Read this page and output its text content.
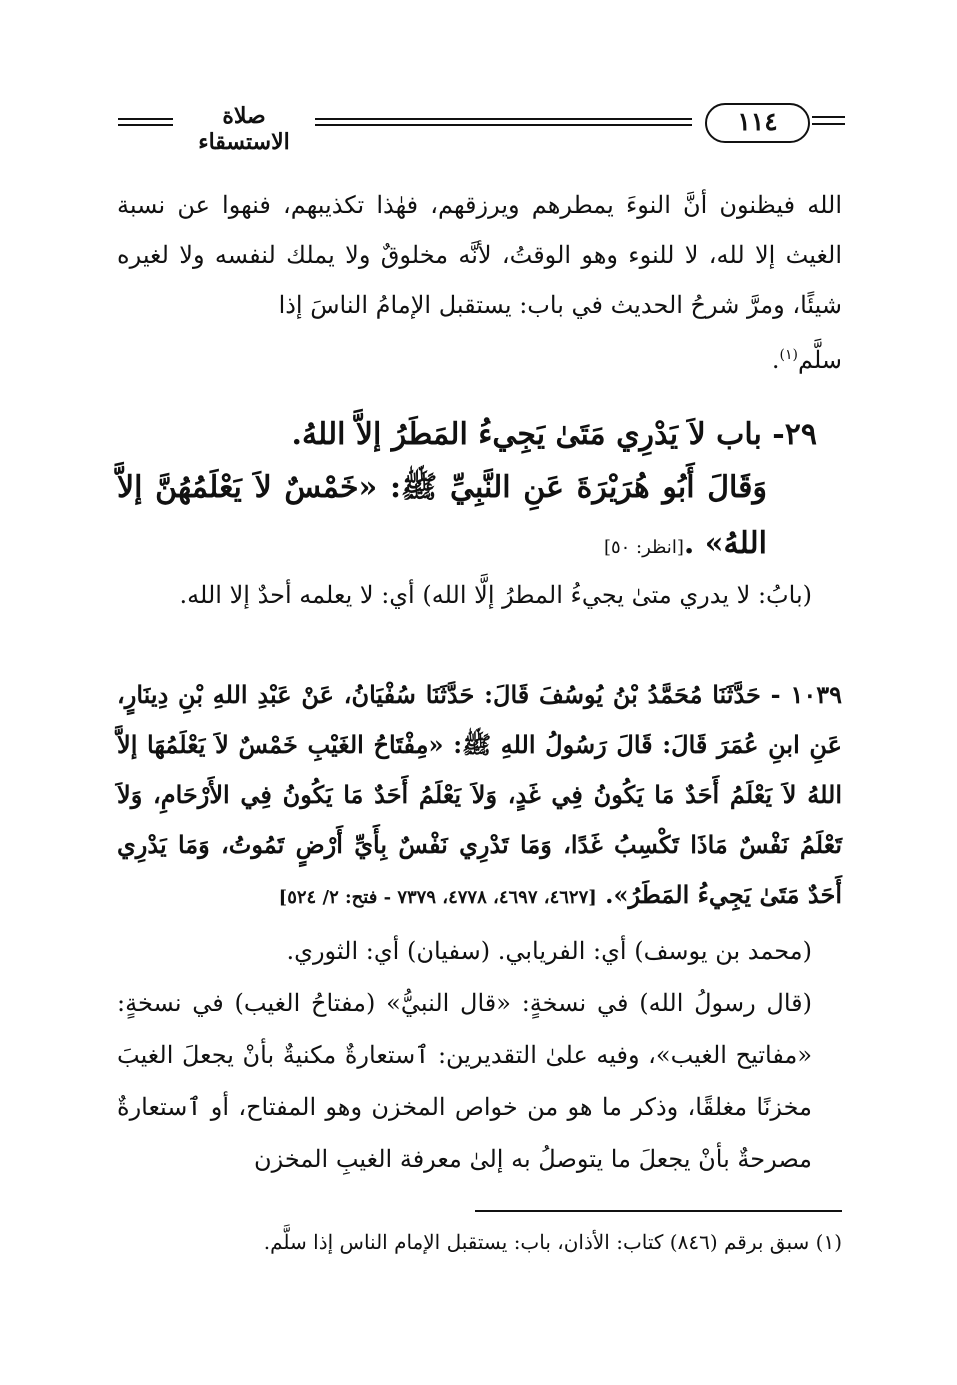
صلاة الاستسقاء
١١٤
الله فيظنون أنَّ النوءَ يمطرهم ويرزقهم، فهٰذا تكذيبهم، فنهوا عن نسبة الغيث إلا لله، لا للنوء وهو الوقتُ، لأنَّه مخلوقٌ ولا يملك لنفسه ولا لغيره شيئًا، ومرَّ شرحُ الحديث في باب: يستقبل الإمامُ الناسَ إذا
سلَّم$^{(١)}$.
٢٩- باب لاَ يَدْرِي مَتَىٰ يَجِيءُ المَطَرُ إلاَّ اللهُ.
وَقَالَ أَبُو هُرَيْرَةَ عَنِ النَّبِيِّ ﷺ: «خَمْسٌ لاَ يَعْلَمُهُنَّ إلاَّ اللهُ» .[انظر: ٥٠]
(بابُ: لا يدري متىٰ يجيءُ المطرُ إلَّا الله) أي: لا يعلمه أحدٌ إلا الله.
١٠٣٩ - حَدَّثَنَا مُحَمَّدُ بْنُ يُوسُفَ قَالَ: حَدَّثَنَا سُفْيَانُ، عَنْ عَبْدِ اللهِ بْنِ دِينَارٍ، عَنِ ابنِ عُمَرَ قَالَ: قَالَ رَسُولُ اللهِ ﷺ: «مِفْتَاحُ الغَيْبِ خَمْسٌ لاَ يَعْلَمُهَا إلاَّ اللهُ لاَ يَعْلَمُ أَحَدٌ مَا يَكُونُ فِي غَدٍ، وَلاَ يَعْلَمُ أَحَدٌ مَا يَكُونُ فِي الأَرْحَامِ، وَلاَ تَعْلَمُ نَفْسٌ مَاذَا تَكْسِبُ غَدًا، وَمَا تَدْرِي نَفْسٌ بِأَيِّ أَرْضٍ تَمُوتُ، وَمَا يَدْرِي أَحَدٌ مَتَىٰ يَجِيءُ المَطَرُ». [٤٦٢٧، ٤٦٩٧، ٤٧٧٨، ٧٣٧٩ - فتح: ٢/ ٥٢٤]

(محمد بن يوسف) أي: الفريابي. (سفيان) أي: الثوري.

(قال رسولُ الله) في نسخةٍ: «قال النبيُّ» (مفتاحُ الغيب) في نسخةٍ: «مفاتيح الغيب»، وفيه علىٰ التقديرين: ٱستعارةٌ مكنيةٌ بأنْ يجعلَ الغيبَ مخزنًا مغلقًا، وذكر ما هو من خواص المخزن وهو المفتاح، أو ٱستعارةٌ مصرحةٌ بأنْ يجعلَ ما يتوصلُ به إلىٰ معرفة الغيبِ المخزن

(١) سبق برقم (٨٤٦) كتاب: الأذان، باب: يستقبل الإمام الناس إذا سلَّم.
